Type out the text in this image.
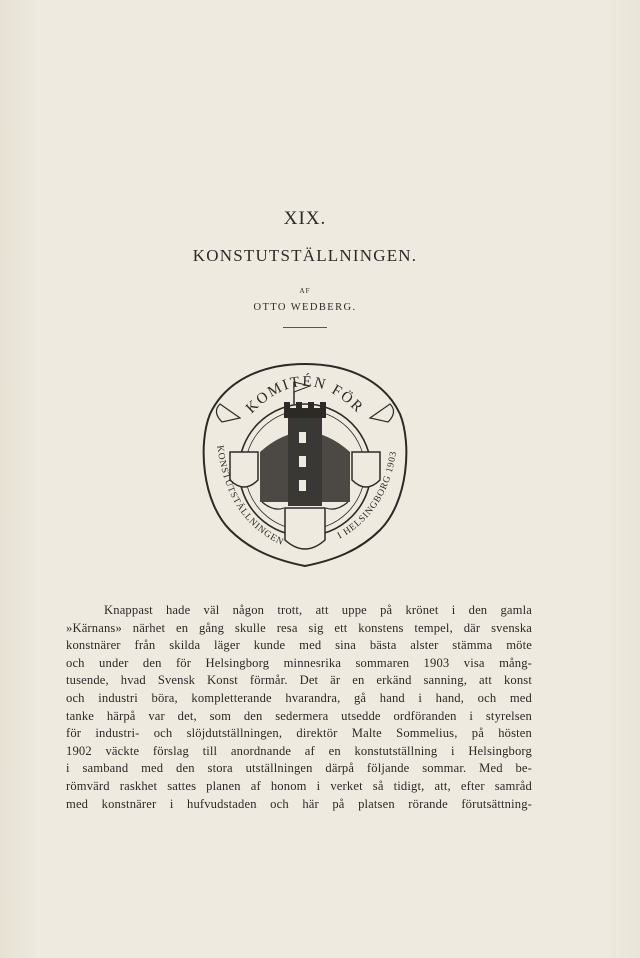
XIX.
KONSTUTSTÄLLNINGEN.
AF
OTTO WEDBERG.
KOMITÉN FÖR
KONSTUTSTÄLLNINGEN	I HELSINGBORG 1903
Knappast hade väl någon trott, att uppe på krönet i den gamla
»Kärnans» närhet en gång skulle resa sig ett konstens tempel, där svenska
konstnärer från skilda läger kunde med sina bästa alster stämma möte
och under den för Helsingborg minnesrika sommaren 1903 visa mång-
tusende, hvad Svensk Konst förmår. Det är en erkänd sanning, att konst
och industri böra, kompletterande hvarandra, gå hand i hand, och med
tanke härpå var det, som den sedermera utsedde ordföranden i styrelsen
för industri- och slöjdutställningen, direktör Malte Sommelius, på hösten
1902 väckte förslag till anordnande af en konstutställning i Helsingborg
i samband med den stora utställningen därpå följande sommar. Med be-
römvärd raskhet sattes planen af honom i verket så tidigt, att, efter samråd
med konstnärer i hufvudstaden och här på platsen rörande förutsättning-
